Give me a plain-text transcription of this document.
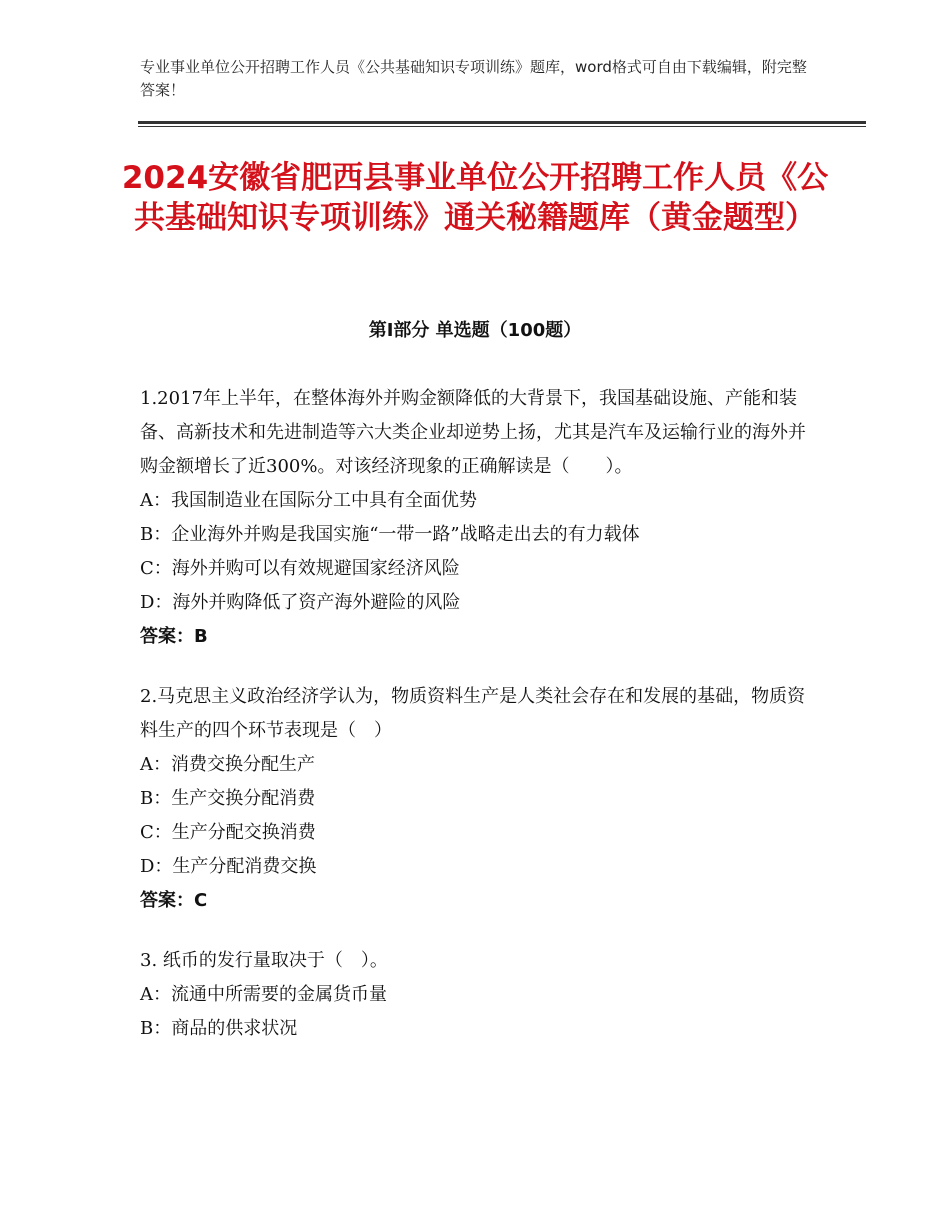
专业事业单位公开招聘工作人员《公共基础知识专项训练》题库，word格式可自由下载编辑，附完整答案！
2024安徽省肥西县事业单位公开招聘工作人员《公共基础知识专项训练》通关秘籍题库（黄金题型）
第Ⅰ部分 单选题（100题）

1.2017年上半年，在整体海外并购金额降低的大背景下，我国基础设施、产能和装备、高新技术和先进制造等六大类企业却逆势上扬，尤其是汽车及运输行业的海外并购金额增长了近300%。对该经济现象的正确解读是（　　）。

A：我国制造业在国际分工中具有全面优势

B：企业海外并购是我国实施“一带一路”战略走出去的有力载体

C：海外并购可以有效规避国家经济风险

D：海外并购降低了资产海外避险的风险

答案：B

2.马克思主义政治经济学认为，物质资料生产是人类社会存在和发展的基础，物质资料生产的四个环节表现是（　）

A：消费交换分配生产

B：生产交换分配消费

C：生产分配交换消费

D：生产分配消费交换

答案：C

3. 纸币的发行量取决于（　）。

A：流通中所需要的金属货币量

B：商品的供求状况
